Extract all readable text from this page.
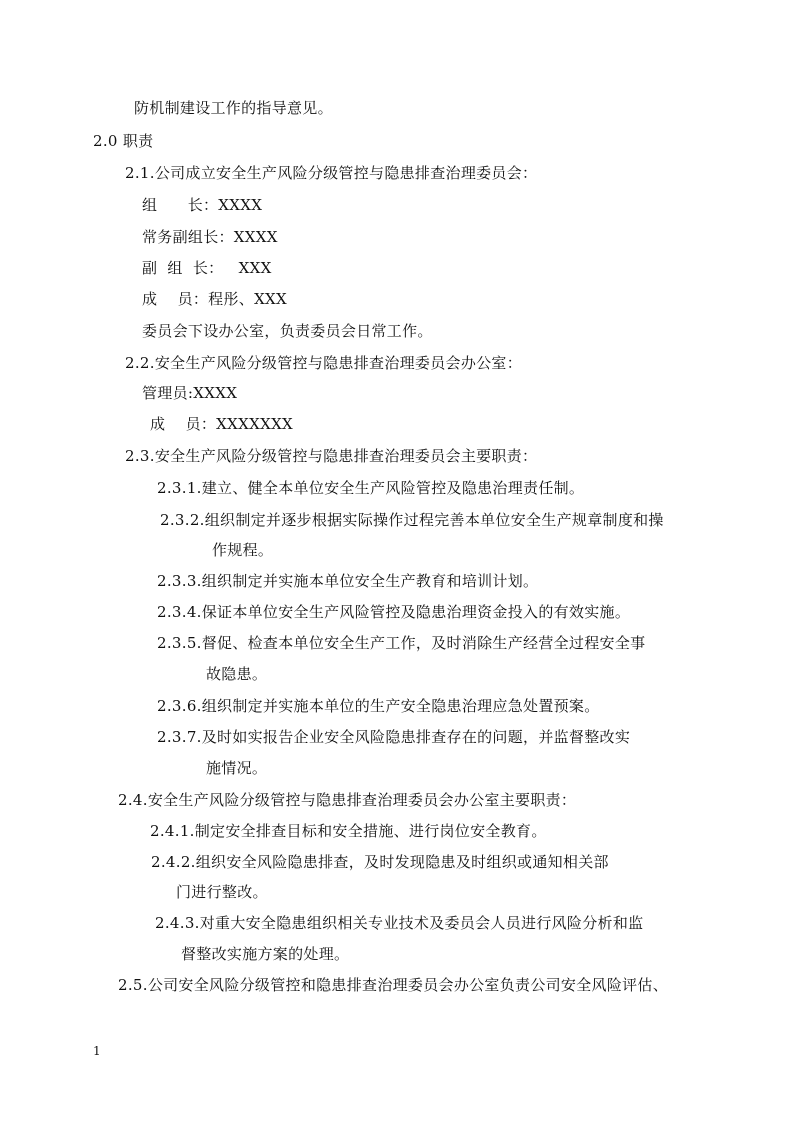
防机制建设工作的指导意见。
2.0 职责
2.1.公司成立安全生产风险分级管控与隐患排查治理委员会：
组      长：XXXX
常务副组长：XXXX
副  组  长：   XXX
成    员：程彤、XXX
委员会下设办公室，负责委员会日常工作。
2.2.安全生产风险分级管控与隐患排查治理委员会办公室：
管理员:XXXX
成    员：XXXXXXX
2.3.安全生产风险分级管控与隐患排查治理委员会主要职责：
2.3.1.建立、健全本单位安全生产风险管控及隐患治理责任制。
2.3.2.组织制定并逐步根据实际操作过程完善本单位安全生产规章制度和操
作规程。
2.3.3.组织制定并实施本单位安全生产教育和培训计划。
2.3.4.保证本单位安全生产风险管控及隐患治理资金投入的有效实施。
2.3.5.督促、检查本单位安全生产工作，及时消除生产经营全过程安全事
故隐患。
2.3.6.组织制定并实施本单位的生产安全隐患治理应急处置预案。
2.3.7.及时如实报告企业安全风险隐患排查存在的问题，并监督整改实
施情况。
2.4.安全生产风险分级管控与隐患排查治理委员会办公室主要职责：
2.4.1.制定安全排查目标和安全措施、进行岗位安全教育。
2.4.2.组织安全风险隐患排查，及时发现隐患及时组织或通知相关部
门进行整改。
2.4.3.对重大安全隐患组织相关专业技术及委员会人员进行风险分析和监
督整改实施方案的处理。
2.5.公司安全风险分级管控和隐患排查治理委员会办公室负责公司安全风险评估、
1
